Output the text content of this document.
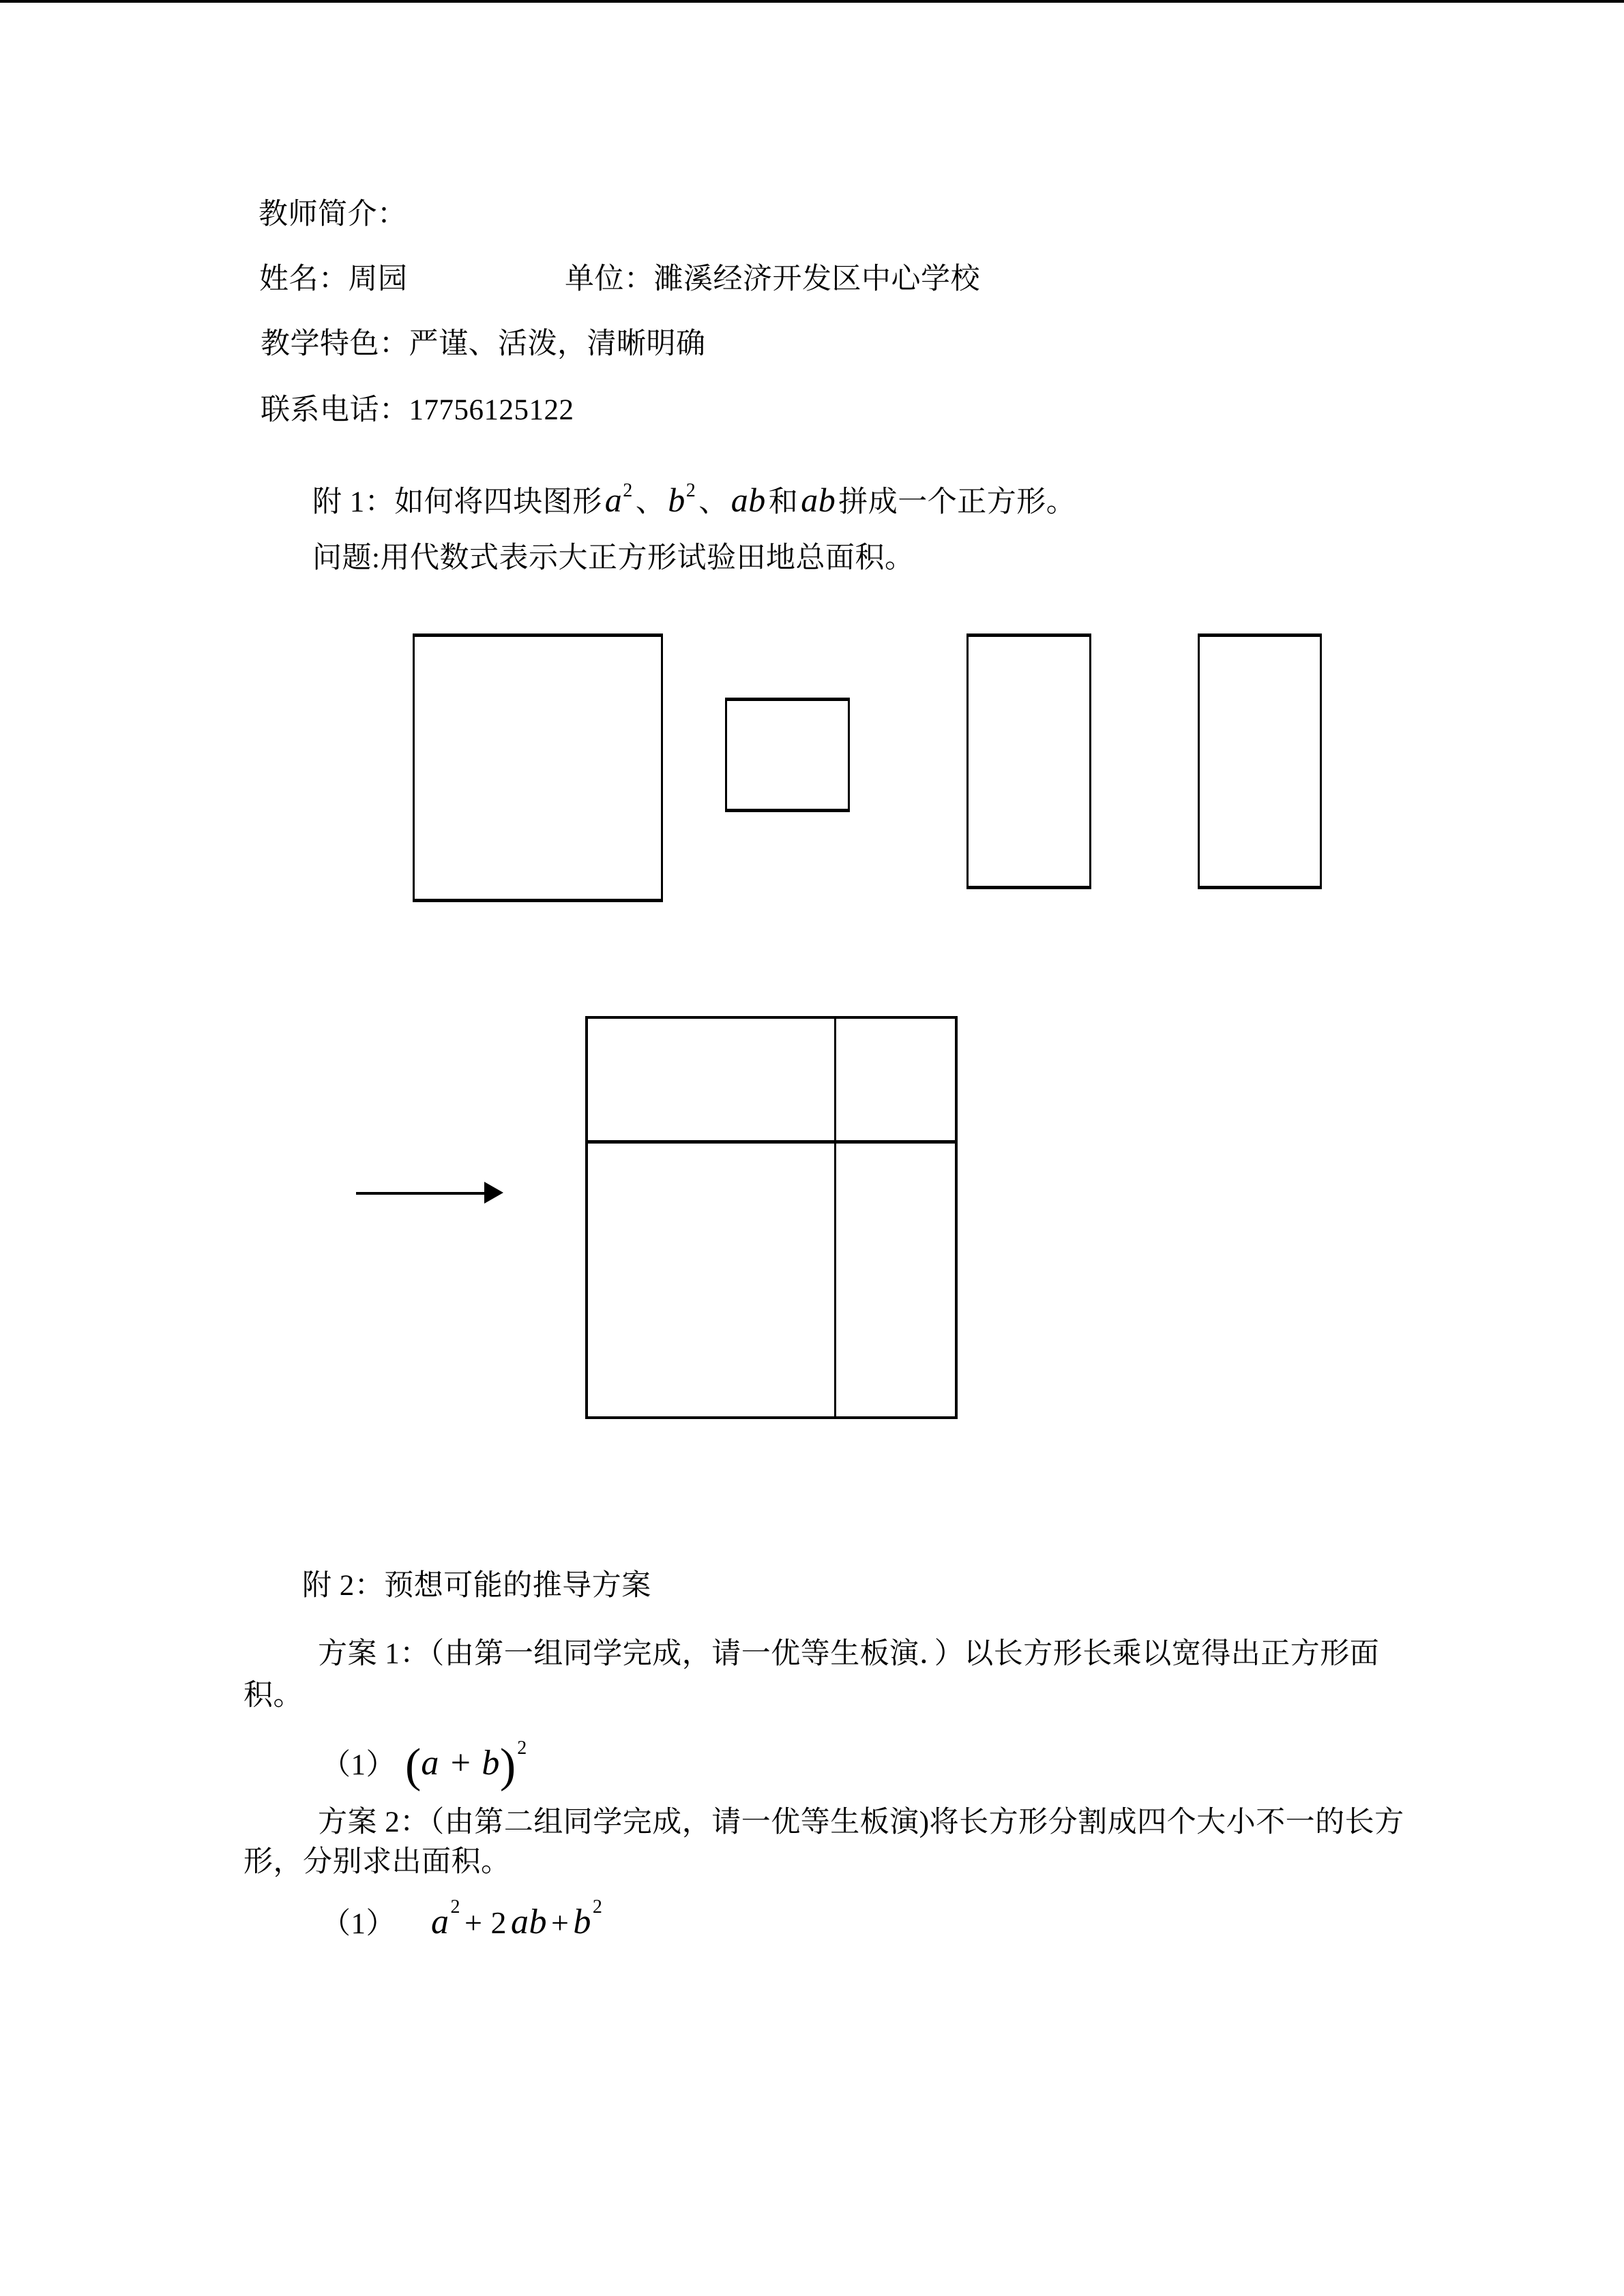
教师简介：
姓名：周园	单位：濉溪经济开发区中心学校
教学特色：严谨、活泼，清晰明确
联系电话：17756125122
附 1：如何将四块图形$a^2$、$b^2$、ab和ab拼成一个正方形。
问题:用代数式表示大正方形试验田地总面积。
附 2：预想可能的推导方案
方案 1：（由第一组同学完成，请一优等生板演．）以长方形长乘以宽得出正方形面
积。
（1） $(a + b)^2$
方案 2：（由第二组同学完成，请一优等生板演)将长方形分割成四个大小不一的长方
形，分别求出面积。
（1） $a^2 + 2$ ab + $b^2$
